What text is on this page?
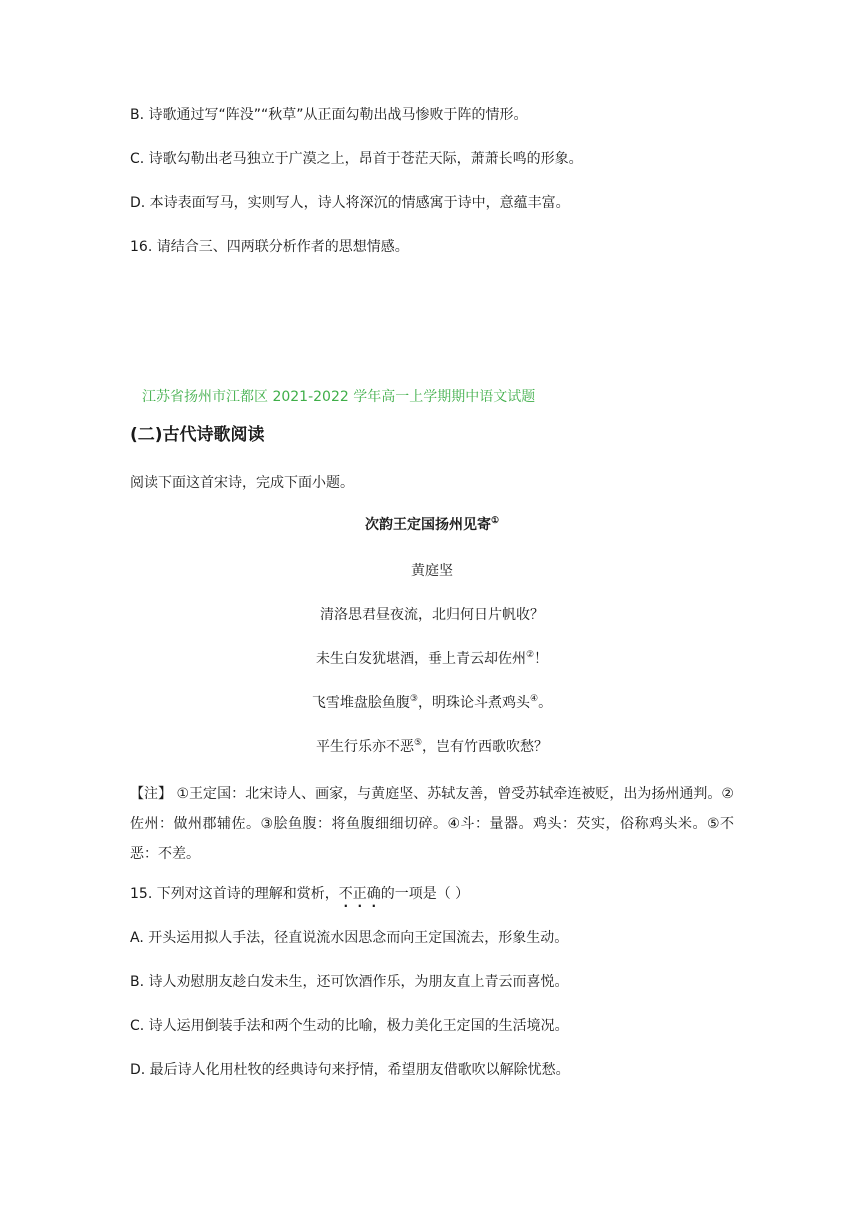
B. 诗歌通过写“阵没”“秋草”从正面勾勒出战马惨败于阵的情形。
C. 诗歌勾勒出老马独立于广漠之上，昂首于苍茫天际，萧萧长鸣的形象。
D. 本诗表面写马，实则写人，诗人将深沉的情感寓于诗中，意蕴丰富。
16. 请结合三、四两联分析作者的思想情感。
江苏省扬州市江都区 2021-2022 学年高一上学期期中语文试题
(二)古代诗歌阅读
阅读下面这首宋诗，完成下面小题。
次韵王定国扬州见寄①
黄庭坚
清洛思君昼夜流，北归何日片帆收？
未生白发犹堪酒，垂上青云却佐州②！
飞雪堆盘脍鱼腹③，明珠论斗煮鸡头④。
平生行乐亦不恶⑤，岂有竹西歌吹愁？
【注】 ①王定国：北宋诗人、画家，与黄庭坚、苏轼友善，曾受苏轼牵连被贬，出为扬州通判。②佐州：做州郡辅佐。③脍鱼腹：将鱼腹细细切碎。④斗：量器。鸡头：芡实，俗称鸡头米。⑤不恶：不差。
15. 下列对这首诗的理解和赏析，不正确的一项是（ ）
A. 开头运用拟人手法，径直说流水因思念而向王定国流去，形象生动。
B. 诗人劝慰朋友趁白发未生，还可饮酒作乐，为朋友直上青云而喜悦。
C. 诗人运用倒装手法和两个生动的比喻，极力美化王定国的生活境况。
D. 最后诗人化用杜牧的经典诗句来抒情，希望朋友借歌吹以解除忧愁。
